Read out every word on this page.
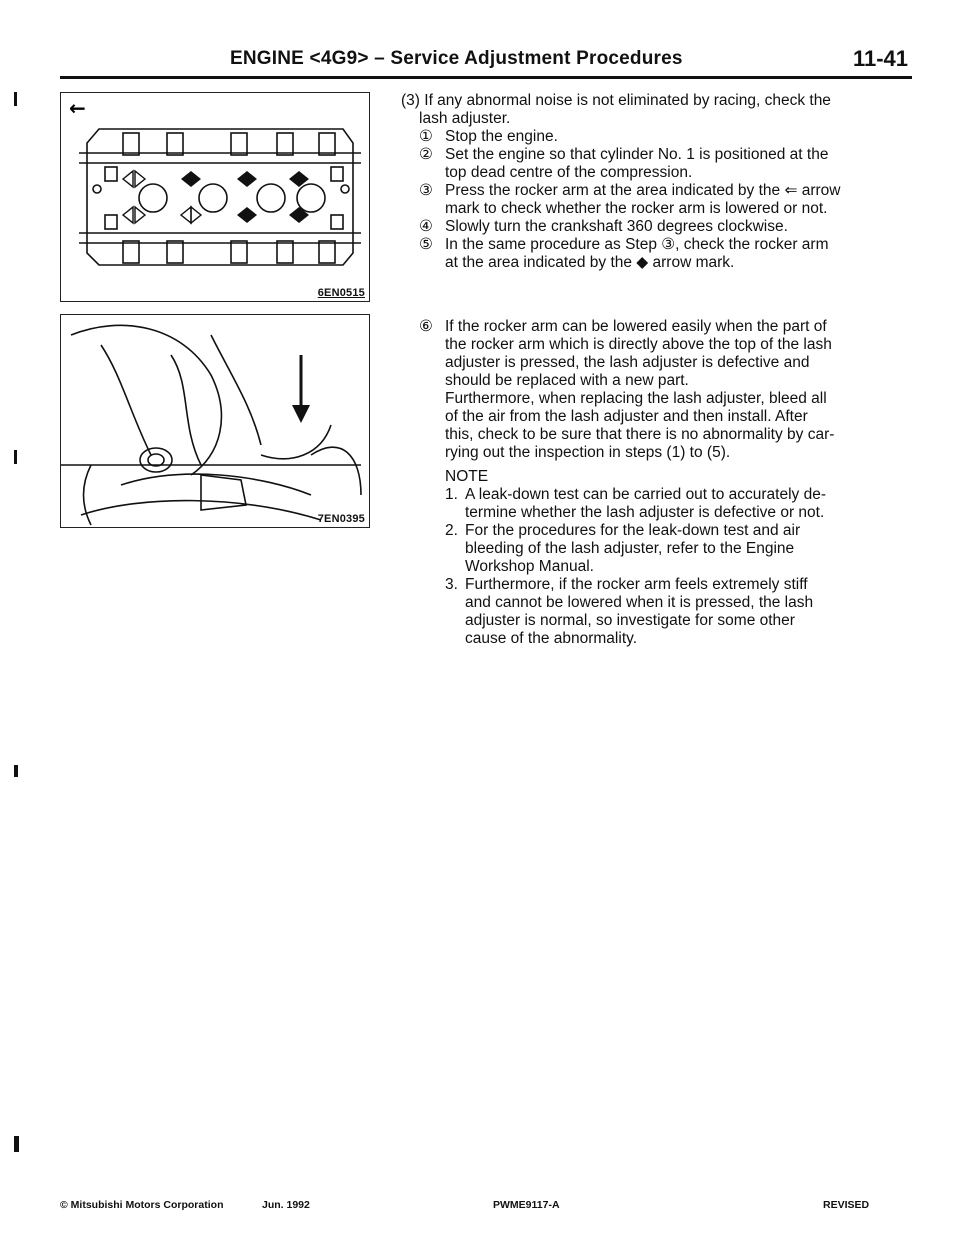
ENGINE <4G9> – Service Adjustment Procedures	11-41
←
6EN0515
7EN0395
(3) If any abnormal noise is not eliminated by racing, check the
lash adjuster.
① Stop the engine.
② Set the engine so that cylinder No. 1 is positioned at the
top dead centre of the compression.
③ Press the rocker arm at the area indicated by the ⇐ arrow
mark to check whether the rocker arm is lowered or not.
④ Slowly turn the crankshaft 360 degrees clockwise.
⑤ In the same procedure as Step ③, check the rocker arm
at the area indicated by the ◆ arrow mark.
⑥ If the rocker arm can be lowered easily when the part of
the rocker arm which is directly above the top of the lash
adjuster is pressed, the lash adjuster is defective and
should be replaced with a new part.
Furthermore, when replacing the lash adjuster, bleed all
of the air from the lash adjuster and then install. After
this, check to be sure that there is no abnormality by car-
rying out the inspection in steps (1) to (5).
NOTE
1. A leak-down test can be carried out to accurately de-
termine whether the lash adjuster is defective or not.
2. For the procedures for the leak-down test and air
bleeding of the lash adjuster, refer to the Engine
Workshop Manual.
3. Furthermore, if the rocker arm feels extremely stiff
and cannot be lowered when it is pressed, the lash
adjuster is normal, so investigate for some other
cause of the abnormality.
© Mitsubishi Motors Corporation	Jun. 1992	PWME9117-A	REVISED
